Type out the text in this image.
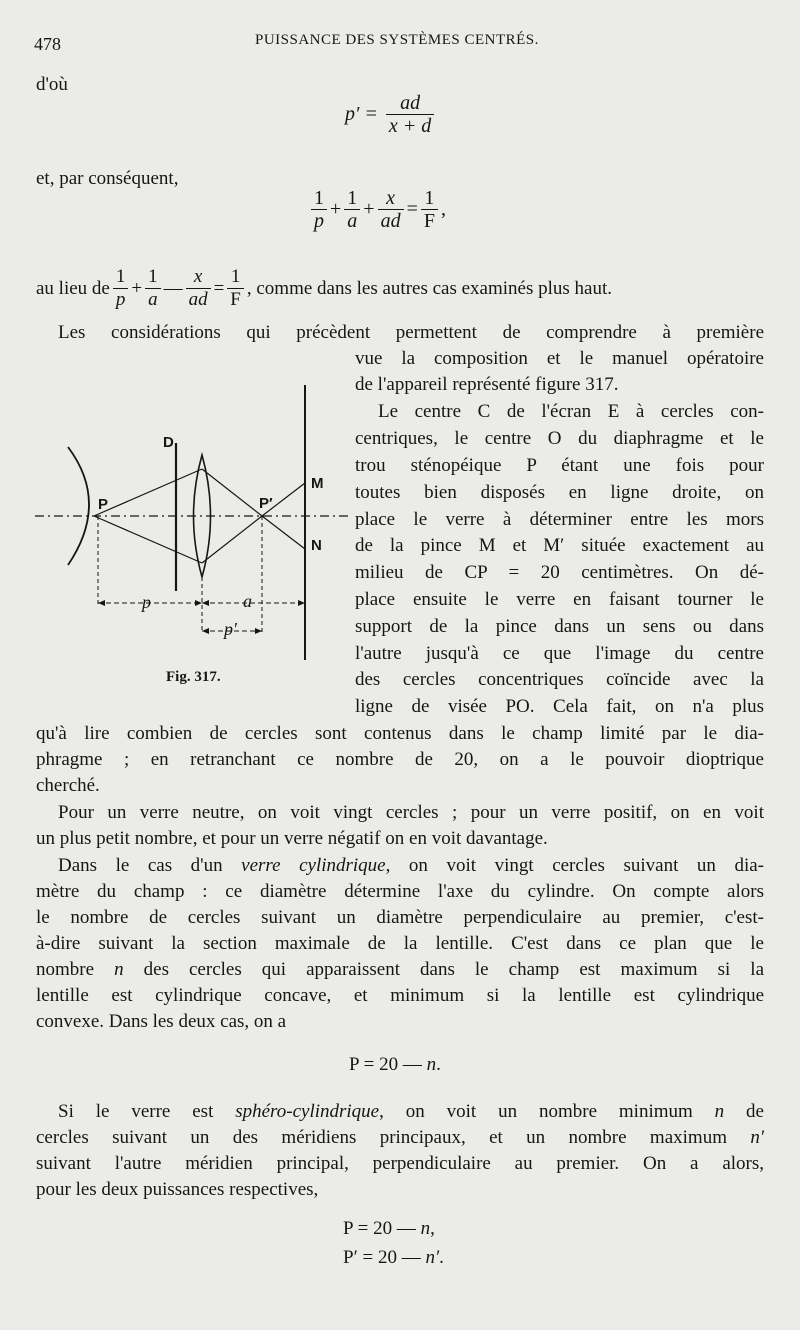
478	PUISSANCE DES SYSTÈMES CENTRÉS.
d'où
$p' = \frac{ad}{x + d}$
et, par conséquent,
$\frac{1}{p} + \frac{1}{a} + \frac{x}{ad} = \frac{1}{F}$ ,
au lieu de $\frac{1}{p} + \frac{1}{a}$ — $\frac{x}{ad} = \frac{1}{F}$ , comme dans les autres cas examinés plus haut.
Les considérations qui précèdent permettent de comprendre à première
vue la composition et le manuel opératoire
de l'appareil représenté figure 317.
Le centre C de l'écran E à cercles con-
centriques, le centre O du diaphragme et le
trou sténopéique P étant une fois pour
toutes bien disposés en ligne droite, on
place le verre à déterminer entre les mors
de la pince M et M′ située exactement au
milieu de CP = 20 centimètres. On dé-
place ensuite le verre en faisant tourner le
support de la pince dans un sens ou dans
l'autre jusqu'à ce que l'image du centre
des cercles concentriques coïncide avec la
ligne de visée PO. Cela fait, on n'a plus
qu'à lire combien de cercles sont contenus dans le champ limité par le dia-
phragme ; en retranchant ce nombre de 20, on a le pouvoir dioptrique
cherché.
D
P	P′
M
N
p	a
p′
Fig. 317.
Pour un verre neutre, on voit vingt cercles ; pour un verre positif, on en voit
un plus petit nombre, et pour un verre négatif on en voit davantage.
Dans le cas d'un verre cylindrique, on voit vingt cercles suivant un dia-
mètre du champ : ce diamètre détermine l'axe du cylindre. On compte alors
le nombre de cercles suivant un diamètre perpendiculaire au premier, c'est-
à-dire suivant la section maximale de la lentille. C'est dans ce plan que le
nombre n des cercles qui apparaissent dans le champ est maximum si la
lentille est cylindrique concave, et minimum si la lentille est cylindrique
convexe. Dans les deux cas, on a
P = 20 — n.
Si le verre est sphéro-cylindrique, on voit un nombre minimum n de
cercles suivant un des méridiens principaux, et un nombre maximum n′
suivant l'autre méridien principal, perpendiculaire au premier. On a alors,
pour les deux puissances respectives,
P = 20 — n,
P′ = 20 — n′.
